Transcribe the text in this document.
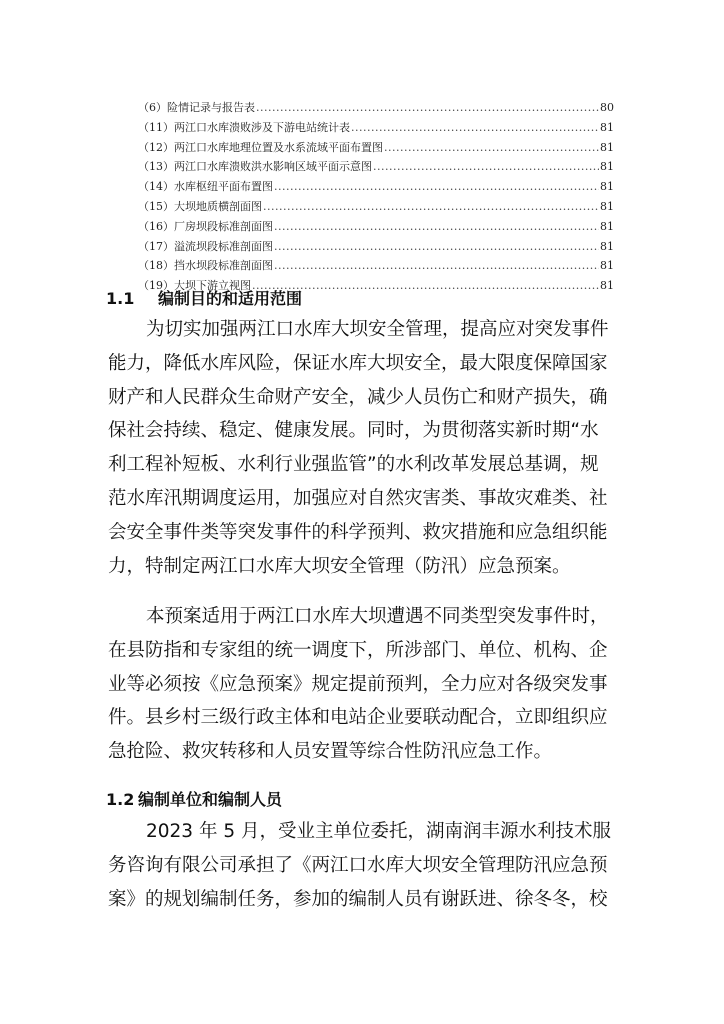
（6）险情记录与报告表 .....	80
（11）两江口水库溃败涉及下游电站统计表 .....	81
（12）两江口水库地理位置及水系流域平面布置图 .....	81
（13）两江口水库溃败洪水影响区域平面示意图 .....	81
（14）水库枢纽平面布置图 .....	81
（15）大坝地质横剖面图 .....	81
（16）厂房坝段标准剖面图 .....	81
（17）溢流坝段标准剖面图 .....	81
（18）挡水坝段标准剖面图 .....	81
（19）大坝下游立视图 .....	81
1.1 编制目的和适用范围

为切实加强两江口水库大坝安全管理，提高应对突发事件
能力，降低水库风险，保证水库大坝安全，最大限度保障国家
财产和人民群众生命财产安全，减少人员伤亡和财产损失，确
保社会持续、稳定、健康发展。同时，为贯彻落实新时期“水
利工程补短板、水利行业强监管”的水利改革发展总基调，规
范水库汛期调度运用，加强应对自然灾害类、事故灾难类、社
会安全事件类等突发事件的科学预判、救灾措施和应急组织能
力，特制定两江口水库大坝安全管理（防汛）应急预案。

本预案适用于两江口水库大坝遭遇不同类型突发事件时，
在县防指和专家组的统一调度下，所涉部门、单位、机构、企
业等必须按《应急预案》规定提前预判，全力应对各级突发事
件。县乡村三级行政主体和电站企业要联动配合，立即组织应
急抢险、救灾转移和人员安置等综合性防汛应急工作。

1.2 编制单位和编制人员

2023 年 5 月，受业主单位委托，湖南润丰源水利技术服
务咨询有限公司承担了《两江口水库大坝安全管理防汛应急预
案》的规划编制任务，参加的编制人员有谢跃进、徐冬冬，校
